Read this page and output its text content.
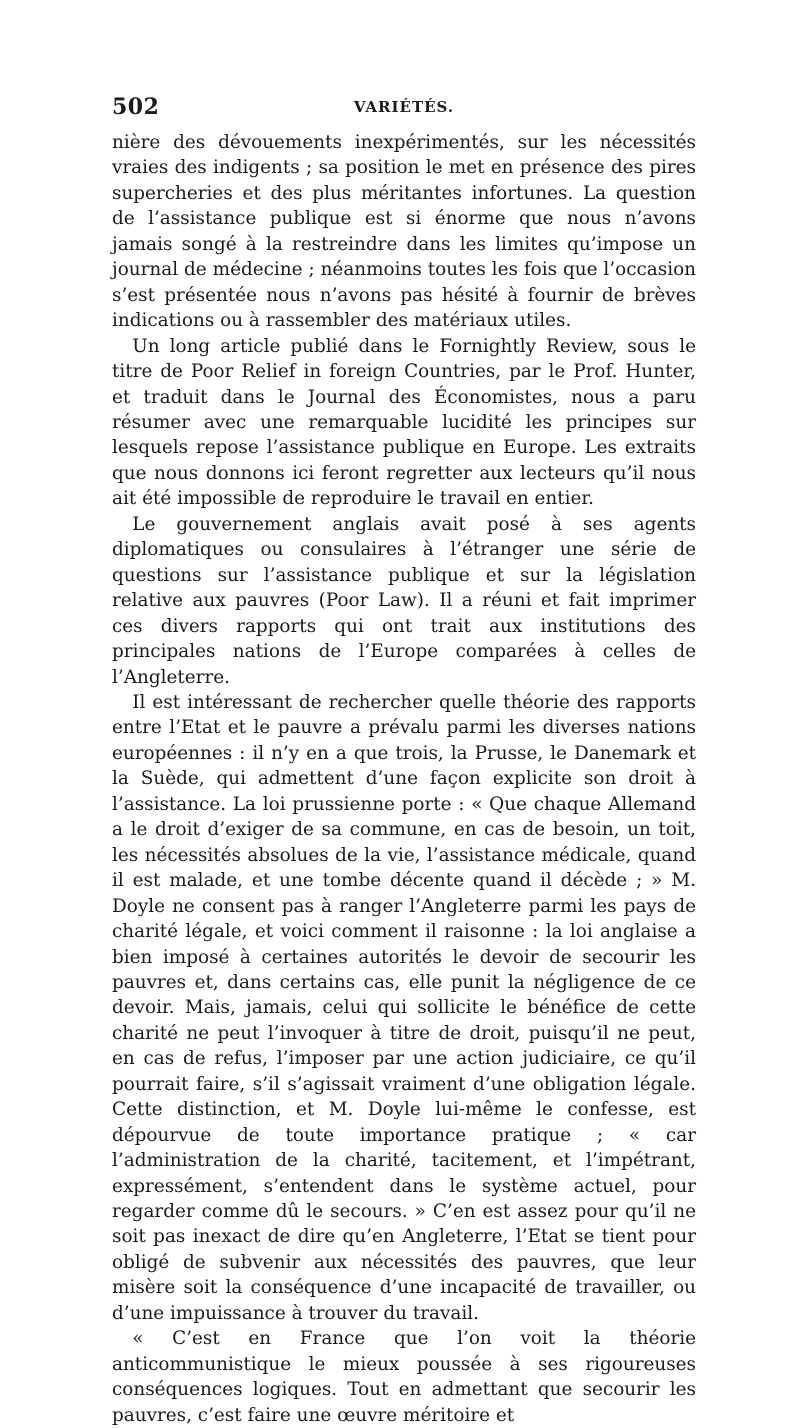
502	VARIÉTÉS.

nière des dévouements inexpérimentés, sur les nécessités vraies des indigents ; sa position le met en présence des pires supercheries et des plus méritantes infortunes. La question de l’assistance publique est si énorme que nous n’avons jamais songé à la restreindre dans les limites qu’impose un journal de médecine ; néanmoins toutes les fois que l’occasion s’est présentée nous n’avons pas hésité à fournir de brèves indications ou à rassembler des matériaux utiles.

Un long article publié dans le Fornightly Review, sous le titre de Poor Relief in foreign Countries, par le Prof. Hunter, et traduit dans le Journal des Économistes, nous a paru résumer avec une remarquable lucidité les principes sur lesquels repose l’assistance publique en Europe. Les extraits que nous donnons ici feront regretter aux lecteurs qu’il nous ait été impossible de reproduire le travail en entier.

Le gouvernement anglais avait posé à ses agents diplomatiques ou consulaires à l’étranger une série de questions sur l’assistance publique et sur la législation relative aux pauvres (Poor Law). Il a réuni et fait imprimer ces divers rapports qui ont trait aux institutions des principales nations de l’Europe comparées à celles de l’Angleterre.

Il est intéressant de rechercher quelle théorie des rapports entre l’Etat et le pauvre a prévalu parmi les diverses nations européennes : il n’y en a que trois, la Prusse, le Danemark et la Suède, qui admettent d’une façon explicite son droit à l’assistance. La loi prussienne porte : « Que chaque Allemand a le droit d’exiger de sa commune, en cas de besoin, un toit, les nécessités absolues de la vie, l’assistance médicale, quand il est malade, et une tombe décente quand il décède ; » M. Doyle ne consent pas à ranger l’Angleterre parmi les pays de charité légale, et voici comment il raisonne : la loi anglaise a bien imposé à certaines autorités le devoir de secourir les pauvres et, dans certains cas, elle punit la négligence de ce devoir. Mais, jamais, celui qui sollicite le bénéfice de cette charité ne peut l’invoquer à titre de droit, puisqu’il ne peut, en cas de refus, l’imposer par une action judiciaire, ce qu’il pourrait faire, s’il s’agissait vraiment d’une obligation légale. Cette distinction, et M. Doyle lui-même le confesse, est dépourvue de toute importance pratique ; « car l’administration de la charité, tacitement, et l’impétrant, expressément, s’entendent dans le système actuel, pour regarder comme dû le secours. » C’en est assez pour qu’il ne soit pas inexact de dire qu’en Angleterre, l’Etat se tient pour obligé de subvenir aux nécessités des pauvres, que leur misère soit la conséquence d’une incapacité de travailler, ou d’une impuissance à trouver du travail.

« C’est en France que l’on voit la théorie anticommunistique le mieux poussée à ses rigoureuses conséquences logiques. Tout en admettant que secourir les pauvres, c’est faire une œuvre méritoire et
